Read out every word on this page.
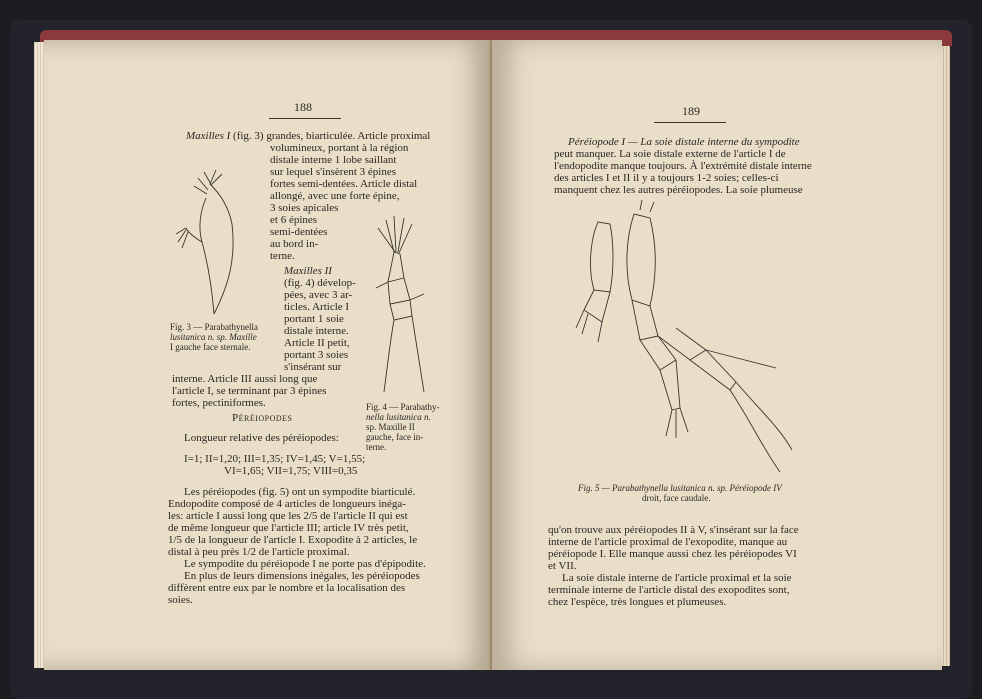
188
Maxilles I (fig. 3) grandes, biarticulée. Article proximal
volumineux, portant à la région
distale interne 1 lobe saillant
sur lequel s'insèrent 3 épines
fortes semi-dentées. Article distal
allongé, avec une forte épine,
3 soies apicales
et 6 épines
semi-dentées
au bord in-
terne.
Maxilles II
(fig. 4) dévelop-
pées, avec 3 ar-
ticles. Article I
portant 1 soie
distale interne.
Article II petit,
portant 3 soies
s'insérant sur
interne. Article III aussi long que
l'article I, se terminant par 3 épines
fortes, pectiniformes.
Fig. 3 — Parabathynella
lusitanica n. sp. Maxille
I gauche face sternale.
Fig. 4 — Parabathy-
nella lusitanica n.
sp. Maxille II
gauche, face in-
terne.
Péréiopodes
Longueur relative des péréiopodes:
I=1; II=1,20; III=1,35; IV=1,45; V=1,55;
VI=1,65; VII=1,75; VIII=0,35
Les péréiopodes (fig. 5) ont un sympodite biarticulé.
Endopodite composé de 4 articles de longueurs inéga-
les: article I aussi long que les 2/5 de l'article II qui est
de même longueur que l'article III; article IV très petit,
1/5 de la longueur de l'article I. Exopodite à 2 articles, le
distal à peu près 1/2 de l'article proximal.
Le sympodite du péréiopode I ne porte pas d'épipodite.
En plus de leurs dimensions inégales, les péréiopodes
diffèrent entre eux par le nombre et la localisation des
soies.
189
Péréiopode I — La soie distale interne du sympodite
peut manquer. La soie distale externe de l'article I de
l'endopodite manque toujours. À l'extrémité distale interne
des articles I et II il y a toujours 1-2 soies; celles-ci
manquent chez les autres péréiopodes. La soie plumeuse
Fig. 5 — Parabathynella lusitanica n. sp. Péréiopode IV
droit, face caudale.
qu'on trouve aux péréiopodes II à V, s'insérant sur la face
interne de l'article proximal de l'exopodite, manque au
péréiopode I. Elle manque aussi chez les péréiopodes VI
et VII.
La soie distale interne de l'article proximal et la soie
terminale interne de l'article distal des exopodites sont,
chez l'espèce, très longues et plumeuses.
